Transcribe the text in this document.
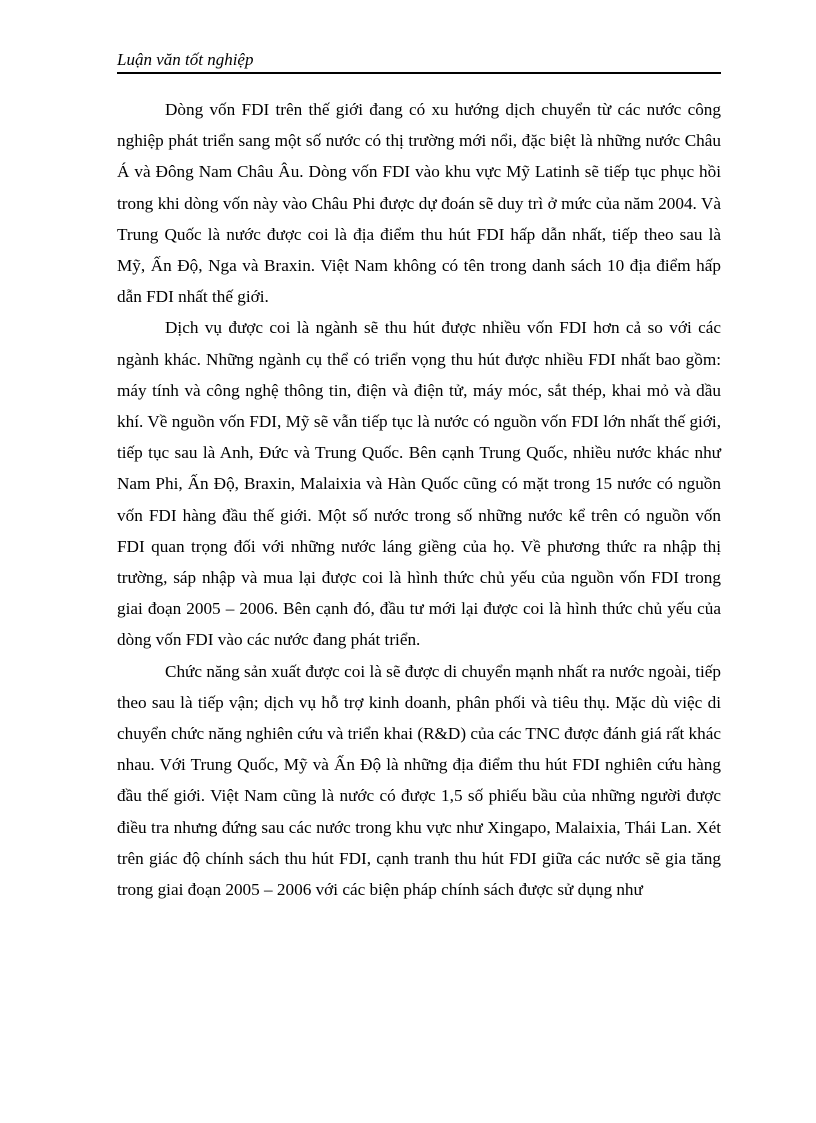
Luận văn tốt nghiệp

Dòng vốn FDI trên thế giới đang có xu hướng dịch chuyển từ các nước công nghiệp phát triển sang một số nước có thị trường mới nổi, đặc biệt là những nước Châu Á và Đông Nam Châu Âu. Dòng vốn FDI vào khu vực Mỹ Latinh sẽ tiếp tục phục hồi trong khi dòng vốn này vào Châu Phi được dự đoán sẽ duy trì ở mức của năm 2004. Và Trung Quốc là nước được coi là địa điểm thu hút FDI hấp dẫn nhất, tiếp theo sau là Mỹ, Ấn Độ, Nga và Braxin. Việt Nam không có tên trong danh sách 10 địa điểm hấp dẫn FDI nhất thế giới.

Dịch vụ được coi là ngành sẽ thu hút được nhiều vốn FDI hơn cả so với các ngành khác. Những ngành cụ thể có triển vọng thu hút được nhiều FDI nhất bao gồm: máy tính và công nghệ thông tin, điện và điện tử, máy móc, sắt thép, khai mỏ và dầu khí. Về nguồn vốn FDI, Mỹ sẽ vẫn tiếp tục là nước có nguồn vốn FDI lớn nhất thế giới, tiếp tục sau là Anh, Đức và Trung Quốc. Bên cạnh Trung Quốc, nhiều nước khác như Nam Phi, Ấn Độ, Braxin, Malaixia và Hàn Quốc cũng có mặt trong 15 nước có nguồn vốn FDI hàng đầu thế giới. Một số nước trong số những nước kể trên có nguồn vốn FDI quan trọng đối với những nước láng giềng của họ. Về phương thức ra nhập thị trường, sáp nhập và mua lại được coi là hình thức chủ yếu của nguồn vốn FDI trong giai đoạn 2005 – 2006. Bên cạnh đó, đầu tư mới lại được coi là hình thức chủ yếu của dòng vốn FDI vào các nước đang phát triển.

Chức năng sản xuất được coi là sẽ được di chuyển mạnh nhất ra nước ngoài, tiếp theo sau là tiếp vận; dịch vụ hỗ trợ kinh doanh, phân phối và tiêu thụ. Mặc dù việc di chuyển chức năng nghiên cứu và triển khai (R&D) của các TNC được đánh giá rất khác nhau. Với Trung Quốc, Mỹ và Ấn Độ là những địa điểm thu hút FDI nghiên cứu hàng đầu thế giới. Việt Nam cũng là nước có được 1,5 số phiếu bầu của những người được điều tra nhưng đứng sau các nước trong khu vực như Xingapo, Malaixia, Thái Lan. Xét trên giác độ chính sách thu hút FDI, cạnh tranh thu hút FDI giữa các nước sẽ gia tăng trong giai đoạn 2005 – 2006 với các biện pháp chính sách được sử dụng như
